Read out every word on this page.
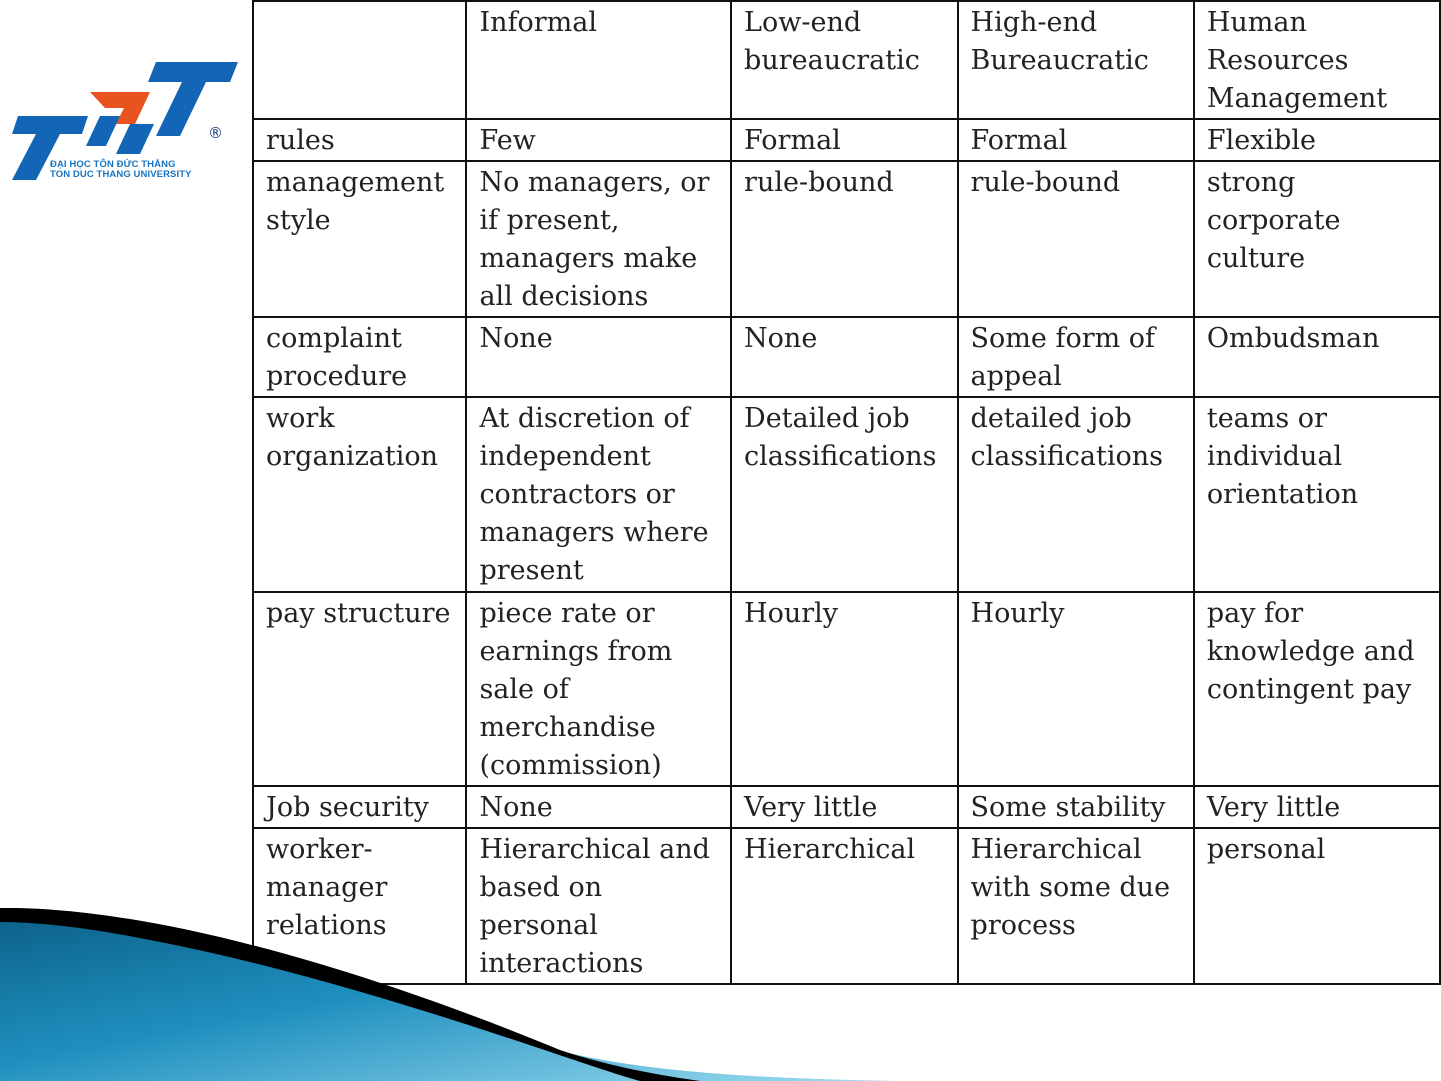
®
ĐẠI HỌC TÔN ĐỨC THẮNG
TON DUC THANG UNIVERSITY
	Informal	Low-end bureaucratic	High-end Bureaucratic	Human Resources Management
rules	Few	Formal	Formal	Flexible
management style	No managers, or if present, managers make all decisions	rule-bound	rule-bound	strong corporate culture
complaint procedure	None	None	Some form of appeal	Ombudsman
work organization	At discretion of independent contractors or managers where present	Detailed job classifications	detailed job classifications	teams or individual orientation
pay structure	piece rate or earnings from sale of merchandise (commission)	Hourly	Hourly	pay for knowledge and contingent pay
Job security	None	Very little	Some stability	Very little
worker-manager relations	Hierarchical and based on personal interactions	Hierarchical	Hierarchical with some due process	personal
